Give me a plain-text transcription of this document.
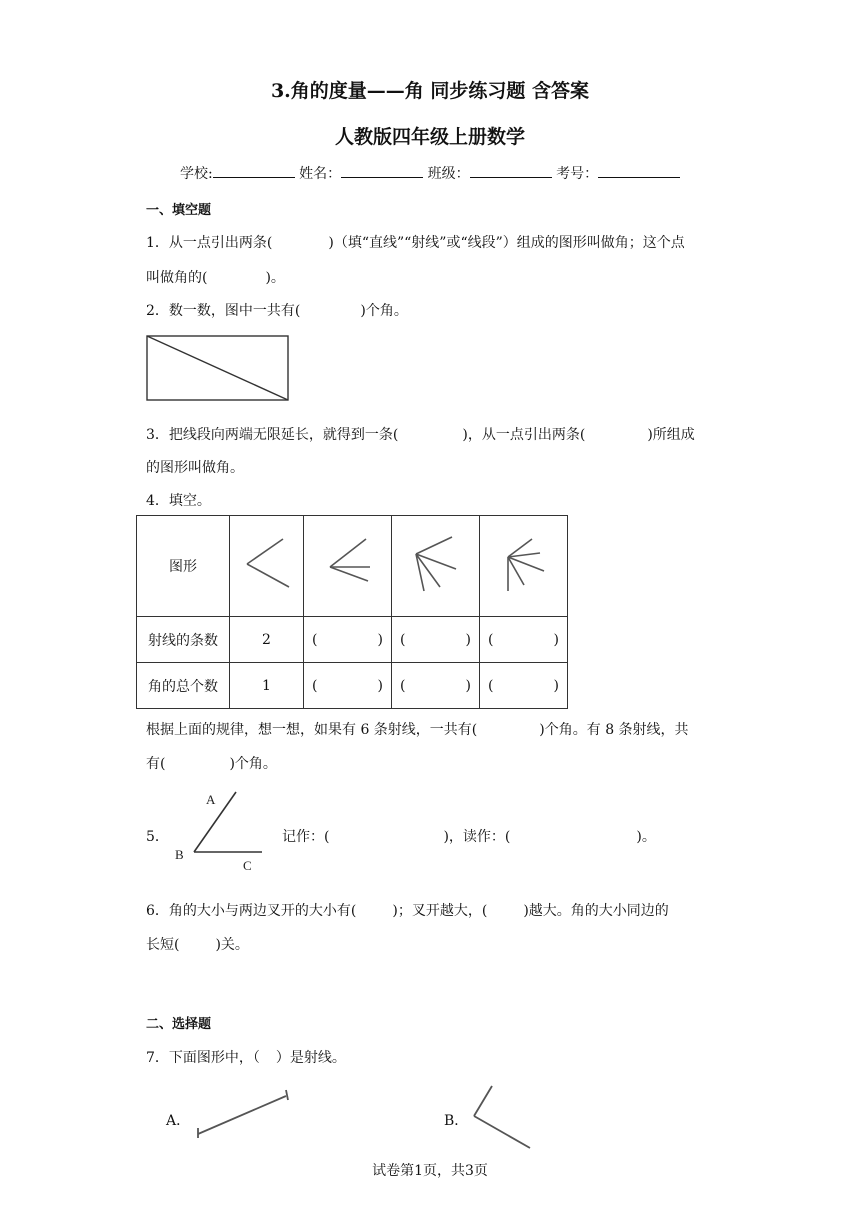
3.角的度量——角 同步练习题 含答案
人教版四年级上册数学
学校:	姓名：	班级：	考号：
一、填空题
1．从一点引出两条(	)（填“直线”“射线”或“线段”）组成的图形叫做角；这个点
叫做角的(	)。
2．数一数，图中一共有(	)个角。
3．把线段向两端无限延长，就得到一条(	)，从一点引出两条(	)所组成
的图形叫做角。
4．填空。
图形				
射线的条数	2	( )	( )	( )

角的总个数	1	( )	( )	( )
根据上面的规律，想一想，如果有 6 条射线，一共有(	)个角。有 8 条射线，共
有(	)个角。
5．
A
B
C
记作：(	)，读作：(	)。
6．角的大小与两边叉开的大小有(	)；叉开越大，(	)越大。角的大小同边的
长短(	)关。
二、选择题
7．下面图形中，（ ）是射线。
A．	B．
试卷第1页，共3页
